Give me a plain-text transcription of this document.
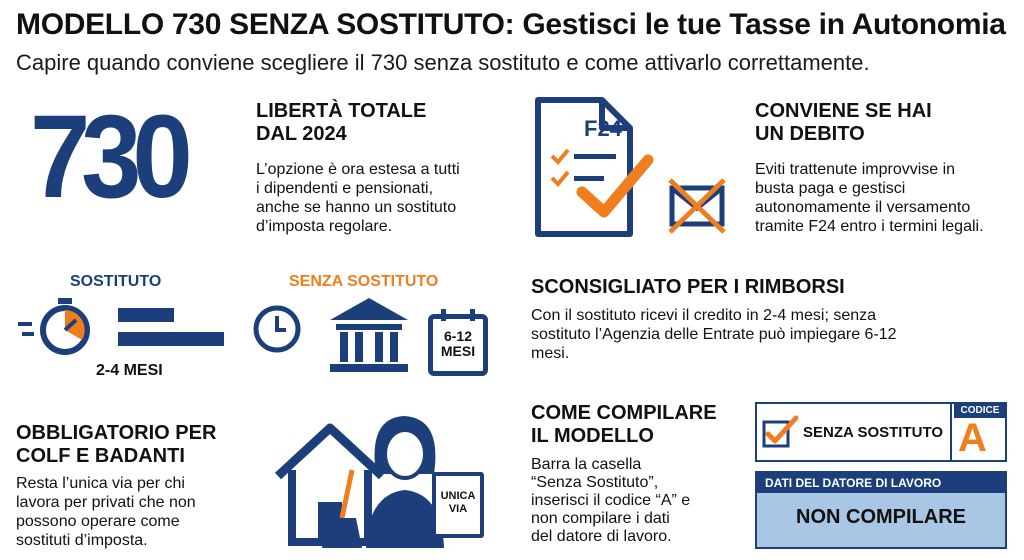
MODELLO 730 SENZA SOSTITUTO: Gestisci le tue Tasse in Autonomia
Capire quando conviene scegliere il 730 senza sostituto e come attivarlo correttamente.
730	LIBERTÀ TOTALE
DAL 2024
L’opzione è ora estesa a tutti
i dipendenti e pensionati,
anche se hanno un sostituto
d’imposta regolare.
F24
CONVIENE SE HAI
UN DEBITO
Eviti trattenute improvvise in
busta paga e gestisci
autonomamente il versamento
tramite F24 entro i termini legali.
SOSTITUTO	SENZA SOSTITUTO
2-4 MESI
6-12
MESI
SCONSIGLIATO PER I RIMBORSI
Con il sostituto ricevi il credito in 2-4 mesi; senza
sostituto l’Agenzia delle Entrate può impiegare 6-12
mesi.
OBBLIGATORIO PER
COLF E BADANTI
Resta l’unica via per chi
lavora per privati che non
possono operare come
sostituti d’imposta.
UNICA
VIA
COME COMPILARE
IL MODELLO
Barra la casella
“Senza Sostituto”,
inserisci il codice “A” e
non compilare i dati
del datore di lavoro.
SENZA SOSTITUTO
CODICE
A
DATI DEL DATORE DI LAVORO
NON COMPILARE
